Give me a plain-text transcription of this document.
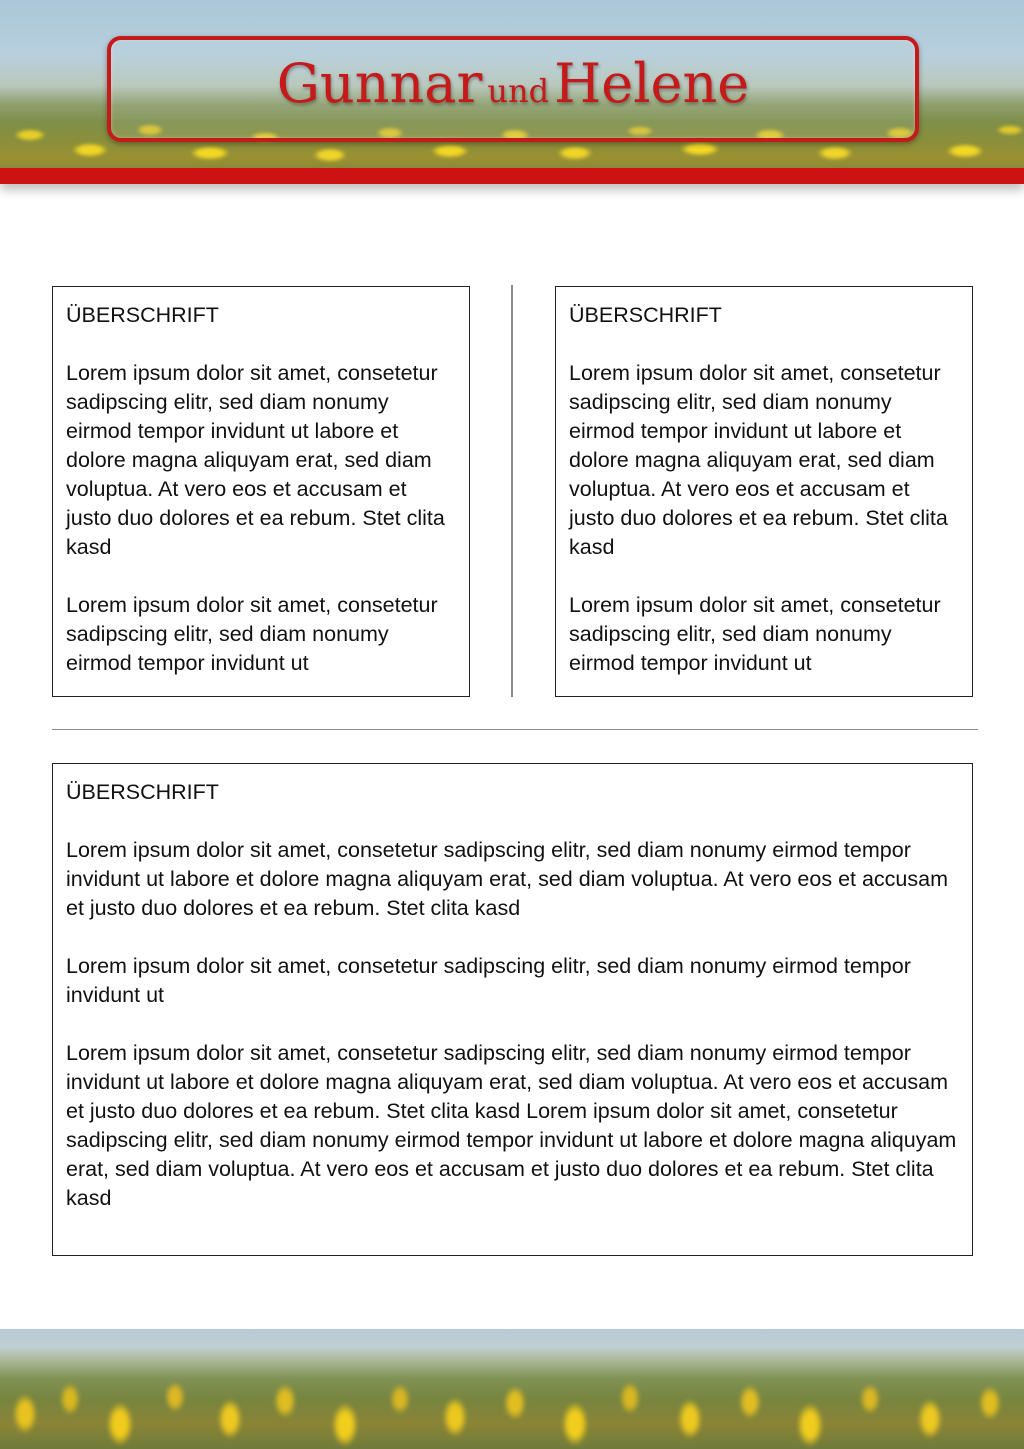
Gunnar und Helene
ÜBERSCHRIFT

Lorem ipsum dolor sit amet, consetetur sadipscing elitr, sed diam nonumy eirmod tempor invidunt ut labore et dolore magna aliquyam erat, sed diam voluptua. At vero eos et accusam et justo duo dolores et ea rebum. Stet clita kasd

Lorem ipsum dolor sit amet, consetetur sadipscing elitr, sed diam nonumy eirmod tempor invidunt ut

ÜBERSCHRIFT

Lorem ipsum dolor sit amet, consetetur sadipscing elitr, sed diam nonumy eirmod tempor invidunt ut labore et dolore magna aliquyam erat, sed diam voluptua. At vero eos et accusam et justo duo dolores et ea rebum. Stet clita kasd

Lorem ipsum dolor sit amet, consetetur sadipscing elitr, sed diam nonumy eirmod tempor invidunt ut

ÜBERSCHRIFT

Lorem ipsum dolor sit amet, consetetur sadipscing elitr, sed diam nonumy eirmod tempor invidunt ut labore et dolore magna aliquyam erat, sed diam voluptua. At vero eos et accusam et justo duo dolores et ea rebum. Stet clita kasd

Lorem ipsum dolor sit amet, consetetur sadipscing elitr, sed diam nonumy eirmod tempor invidunt ut

Lorem ipsum dolor sit amet, consetetur sadipscing elitr, sed diam nonumy eirmod tempor invidunt ut labore et dolore magna aliquyam erat, sed diam voluptua. At vero eos et accusam et justo duo dolores et ea rebum. Stet clita kasd Lorem ipsum dolor sit amet, consetetur sadipscing elitr, sed diam nonumy eirmod tempor invidunt ut labore et dolore magna aliquyam erat, sed diam voluptua. At vero eos et accusam et justo duo dolores et ea rebum. Stet clita kasd
